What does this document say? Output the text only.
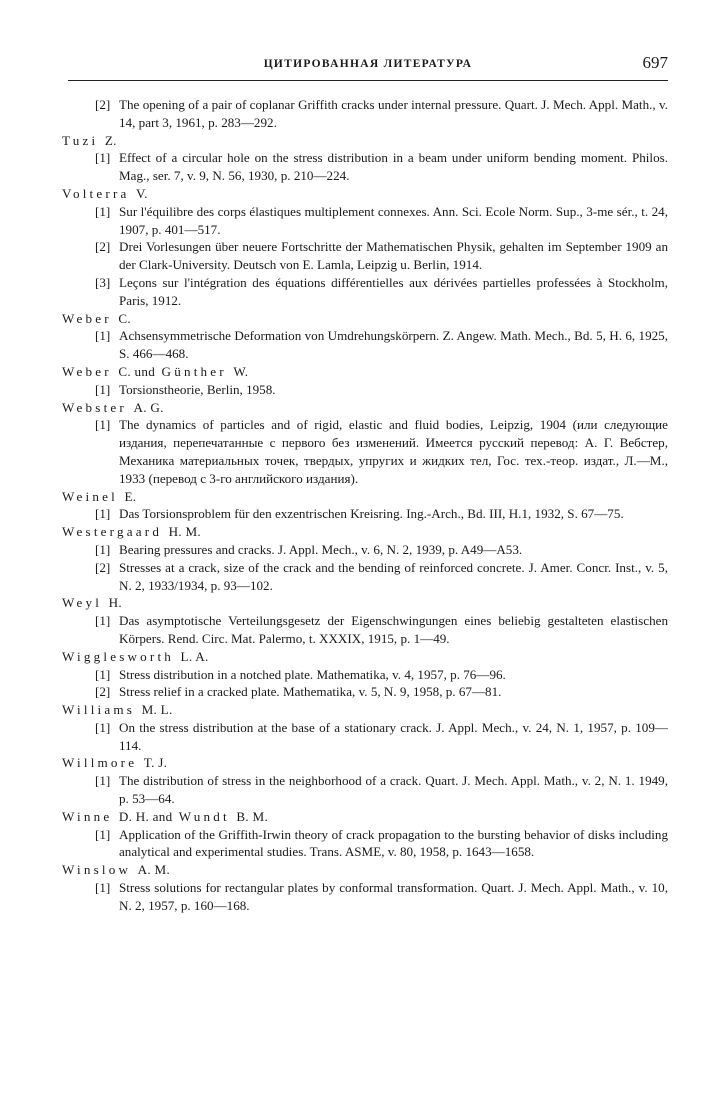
ЦИТИРОВАННАЯ ЛИТЕРАТУРА	697
[2] The opening of a pair of coplanar Griffith cracks under internal pressure. Quart. J. Mech. Appl. Math., v. 14, part 3, 1961, p. 283—292.
Tuzi Z.
[1] Effect of a circular hole on the stress distribution in a beam under uniform bending moment. Philos. Mag., ser. 7, v. 9, N. 56, 1930, p. 210—224.
Volterra V.
[1] Sur l'équilibre des corps élastiques multiplement connexes. Ann. Sci. Ecole Norm. Sup., 3-me sér., t. 24, 1907, p. 401—517.
[2] Drei Vorlesungen über neuere Fortschritte der Mathematischen Physik, gehalten im September 1909 an der Clark-University. Deutsch von E. Lamla, Leipzig u. Berlin, 1914.
[3] Leçons sur l'intégration des équations différentielles aux dérivées partielles professées à Stockholm, Paris, 1912.
Weber C.
[1] Achsensymmetrische Deformation von Umdrehungskörpern. Z. Angew. Math. Mech., Bd. 5, H. 6, 1925, S. 466—468.
Weber C. und Günther W.
[1] Torsionstheorie, Berlin, 1958.
Webster A. G.
[1] The dynamics of particles and of rigid, elastic and fluid bodies, Leipzig, 1904 (или следующие издания, перепечатанные с первого без изменений. Имеется русский перевод: А. Г. Вебстер, Механика материальных точек, твердых, упругих и жидких тел, Гос. тех.-теор. издат., Л.—М., 1933 (перевод с 3-го английского издания).
Weinel E.
[1] Das Torsionsproblem für den exzentrischen Kreisring. Ing.-Arch., Bd. III, H.1, 1932, S. 67—75.
Westergaard H. M.
[1] Bearing pressures and cracks. J. Appl. Mech., v. 6, N. 2, 1939, p. A49—A53.
[2] Stresses at a crack, size of the crack and the bending of reinforced concrete. J. Amer. Concr. Inst., v. 5, N. 2, 1933/1934, p. 93—102.
Weyl H.
[1] Das asymptotische Verteilungsgesetz der Eigenschwingungen eines beliebig gestalteten elastischen Körpers. Rend. Circ. Mat. Palermo, t. XXXIX, 1915, p. 1—49.
Wigglesworth L. A.
[1] Stress distribution in a notched plate. Mathematika, v. 4, 1957, p. 76—96.
[2] Stress relief in a cracked plate. Mathematika, v. 5, N. 9, 1958, p. 67—81.
Williams M. L.
[1] On the stress distribution at the base of a stationary crack. J. Appl. Mech., v. 24, N. 1, 1957, p. 109—114.
Willmore T. J.
[1] The distribution of stress in the neighborhood of a crack. Quart. J. Mech. Appl. Math., v. 2, N. 1. 1949, p. 53—64.
Winne D. H. and Wundt B. M.
[1] Application of the Griffith-Irwin theory of crack propagation to the bursting behavior of disks including analytical and experimental studies. Trans. ASME, v. 80, 1958, p. 1643—1658.
Winslow A. M.
[1] Stress solutions for rectangular plates by conformal transformation. Quart. J. Mech. Appl. Math., v. 10, N. 2, 1957, p. 160—168.
